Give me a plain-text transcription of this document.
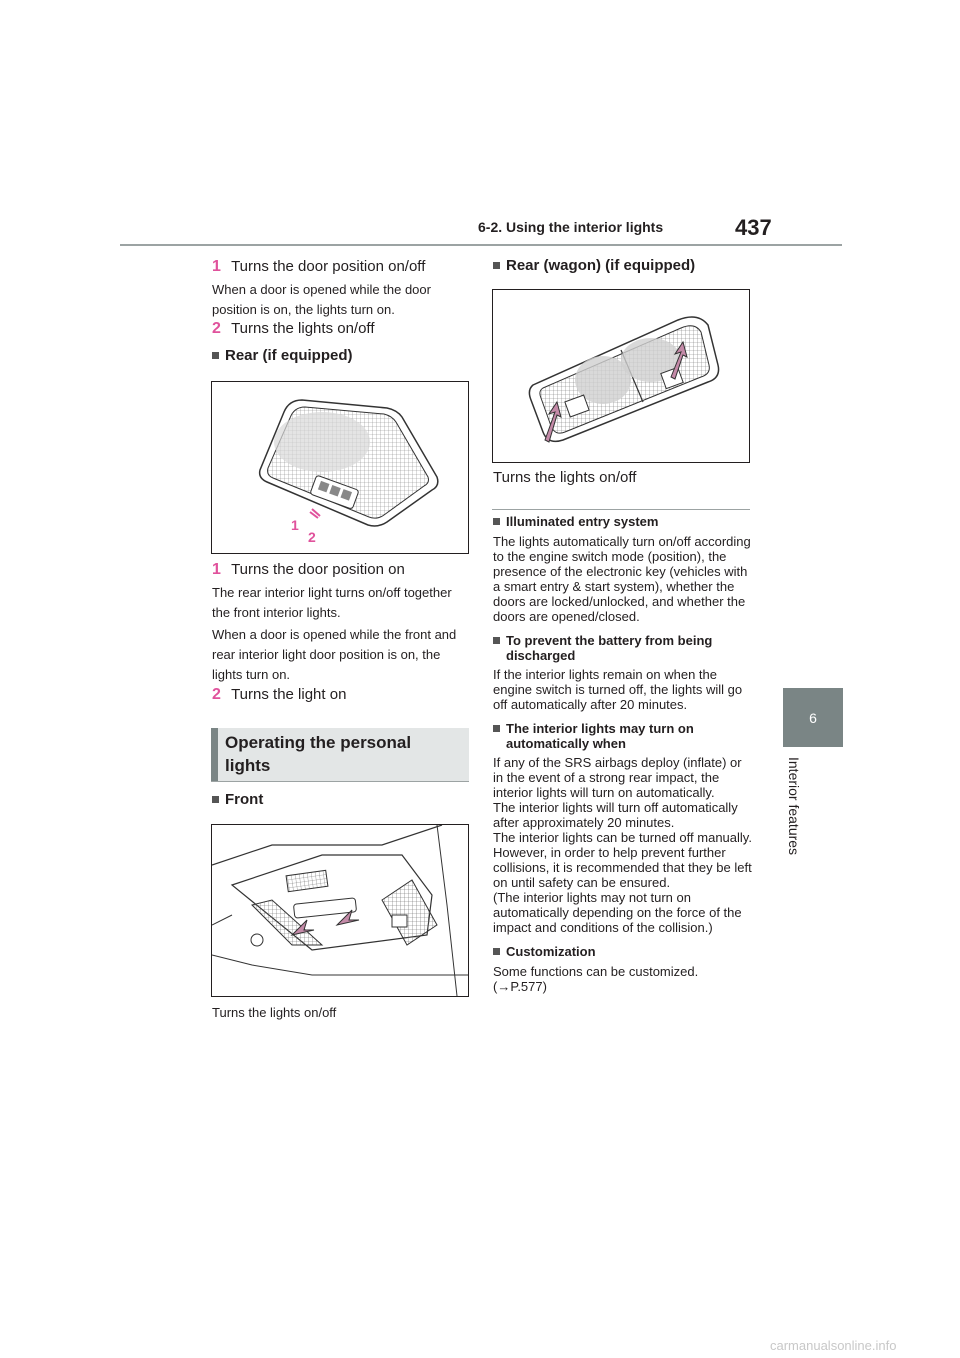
6-2. Using the interior lights	437
6
Interior features
1 Turns the door position on/off
When a door is opened while the door position is on, the lights turn on.
2 Turns the lights on/off
Rear (if equipped)
1
2
1 Turns the door position on
The rear interior light turns on/off together the front interior lights.
When a door is opened while the front and rear interior light door position is on, the lights turn on.
2 Turns the light on
Operating the personal lights
Front
Turns the lights on/off
Rear (wagon) (if equipped)
Turns the lights on/off
Illuminated entry system
The lights automatically turn on/off according to the engine switch mode (position), the presence of the electronic key (vehicles with a smart entry & start system), whether the doors are locked/unlocked, and whether the doors are opened/closed.
To prevent the battery from being discharged
If the interior lights remain on when the engine switch is turned off, the lights will go off automatically after 20 minutes.
The interior lights may turn on automatically when
If any of the SRS airbags deploy (inflate) or in the event of a strong rear impact, the interior lights will turn on automatically.
The interior lights will turn off automatically after approximately 20 minutes.
The interior lights can be turned off manually. However, in order to help prevent further collisions, it is recommended that they be left on until safety can be ensured.
(The interior lights may not turn on automatically depending on the force of the impact and conditions of the collision.)
Customization
Some functions can be customized. (→P.577)
carmanualsonline.info
